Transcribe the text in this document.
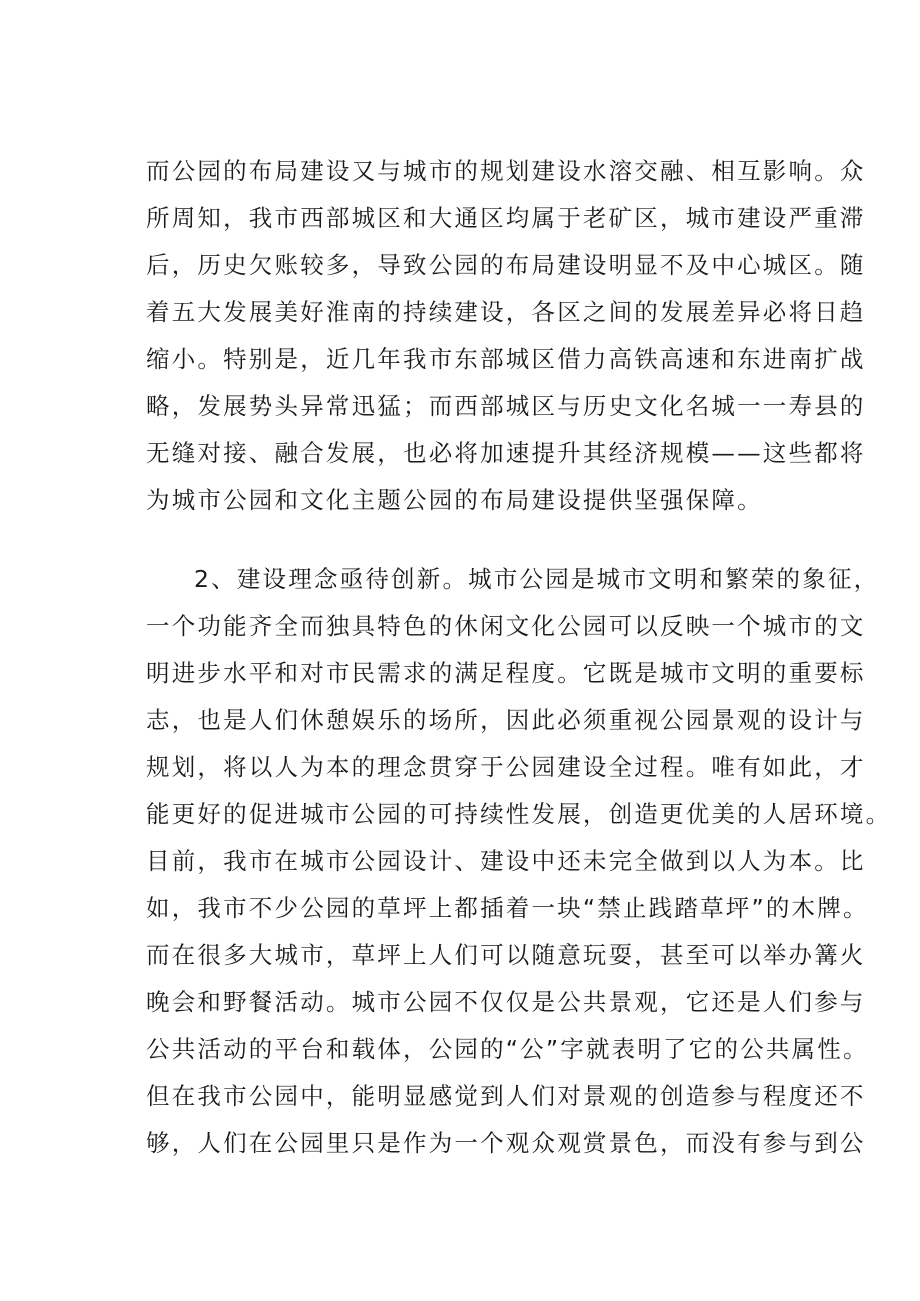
而公园的布局建设又与城市的规划建设水溶交融、相互影响。众
所周知，我市西部城区和大通区均属于老矿区，城市建设严重滞
后，历史欠账较多，导致公园的布局建设明显不及中心城区。随
着五大发展美好淮南的持续建设，各区之间的发展差异必将日趋
缩小。特别是，近几年我市东部城区借力高铁高速和东进南扩战
略，发展势头异常迅猛；而西部城区与历史文化名城一一寿县的
无缝对接、融合发展，也必将加速提升其经济规模——这些都将
为城市公园和文化主题公园的布局建设提供坚强保障。
2、建设理念亟待创新。城市公园是城市文明和繁荣的象征，
一个功能齐全而独具特色的休闲文化公园可以反映一个城市的文
明进步水平和对市民需求的满足程度。它既是城市文明的重要标
志，也是人们休憩娱乐的场所，因此必须重视公园景观的设计与
规划，将以人为本的理念贯穿于公园建设全过程。唯有如此，才
能更好的促进城市公园的可持续性发展，创造更优美的人居环境。
目前，我市在城市公园设计、建设中还未完全做到以人为本。比
如，我市不少公园的草坪上都插着一块“禁止践踏草坪”的木牌。
而在很多大城市，草坪上人们可以随意玩耍，甚至可以举办篝火
晚会和野餐活动。城市公园不仅仅是公共景观，它还是人们参与
公共活动的平台和载体，公园的“公”字就表明了它的公共属性。
但在我市公园中，能明显感觉到人们对景观的创造参与程度还不
够，人们在公园里只是作为一个观众观赏景色，而没有参与到公
